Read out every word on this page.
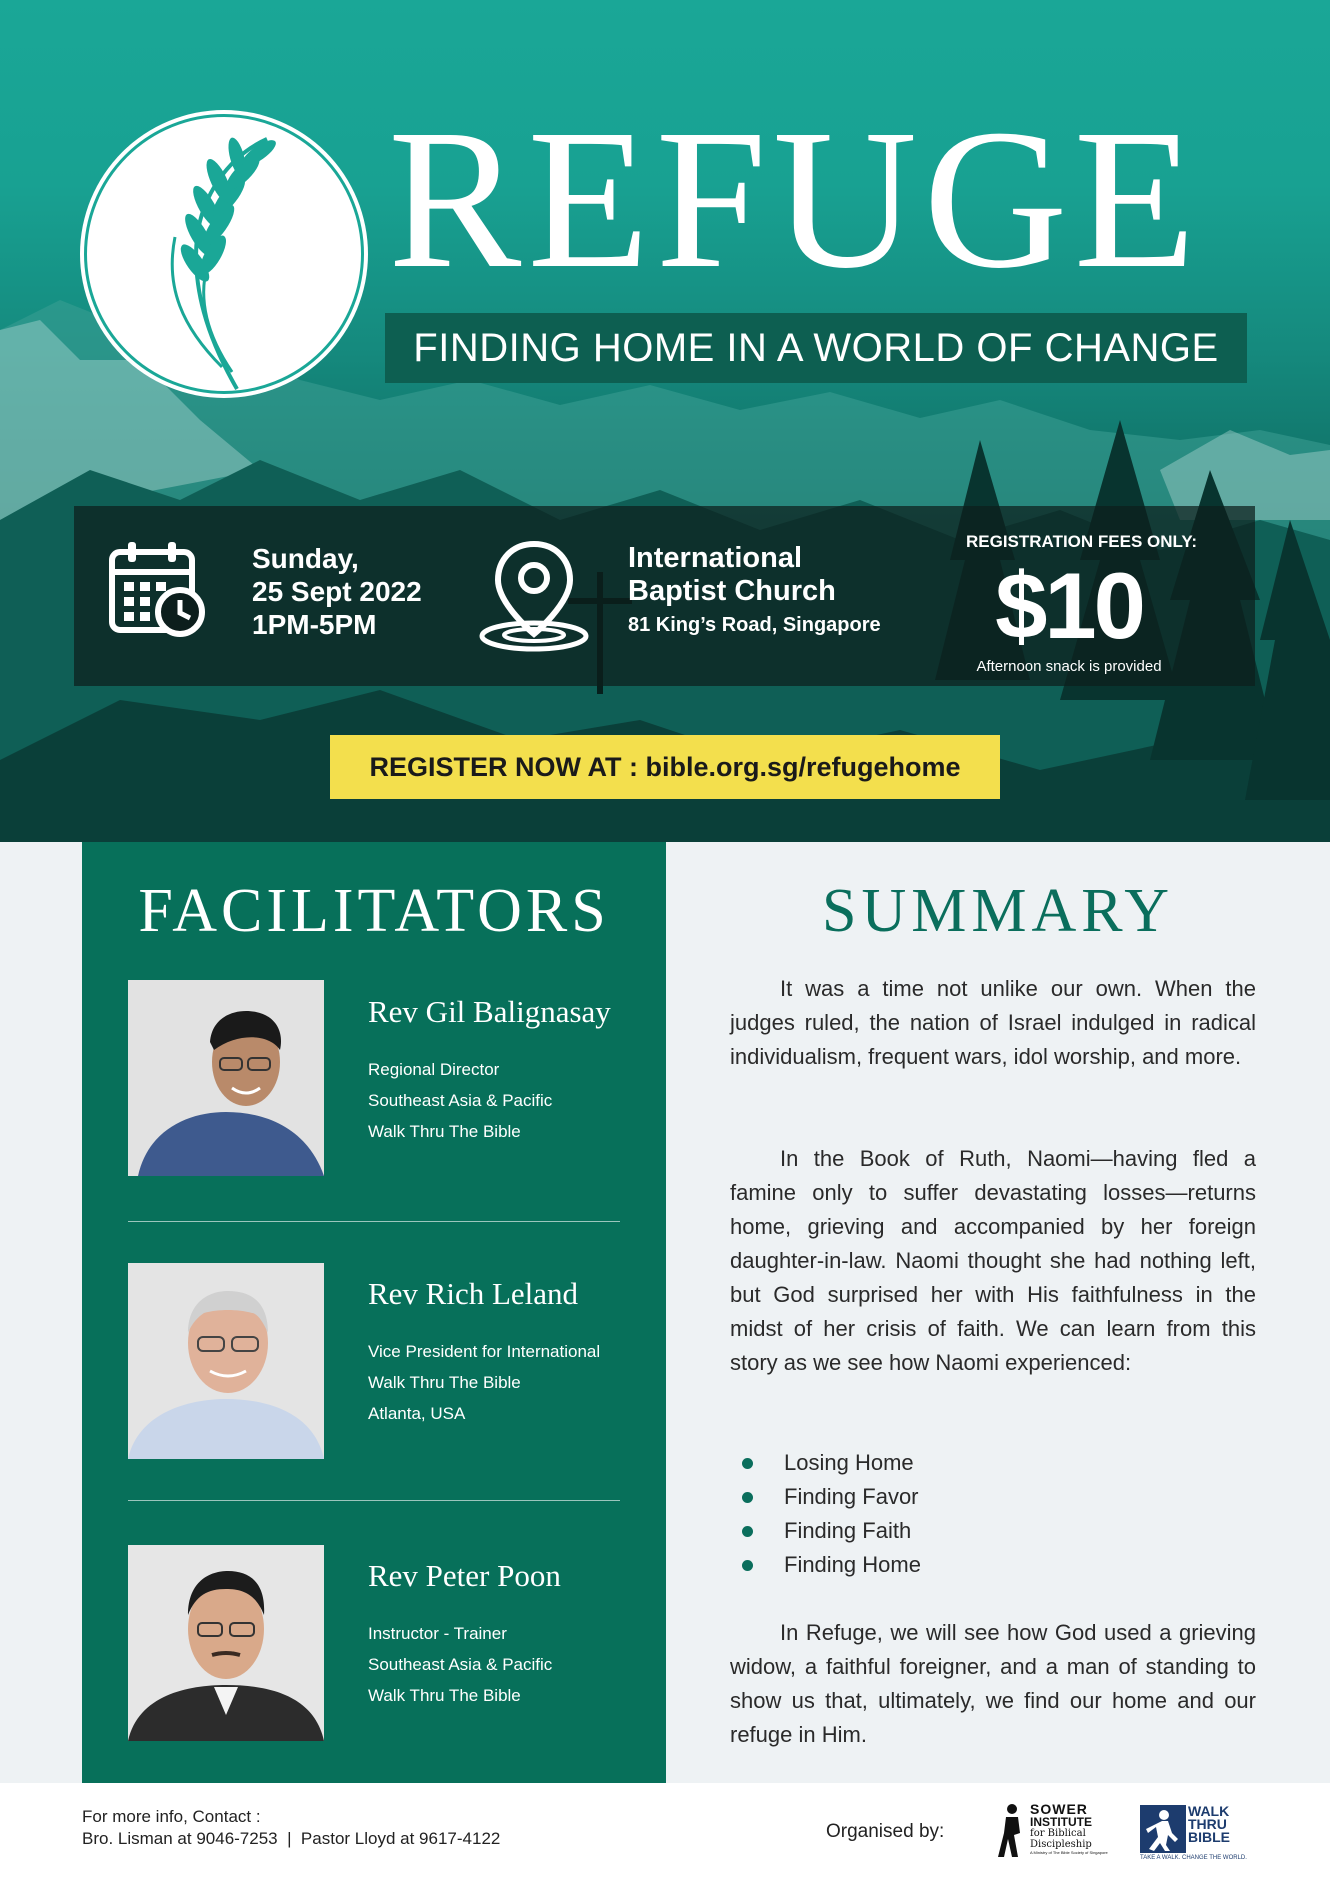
REFUGE
FINDING HOME IN A WORLD OF CHANGE
Sunday,
25 Sept 2022
1PM-5PM
International
Baptist Church
81 King’s Road, Singapore
REGISTRATION FEES ONLY:
$10
Afternoon snack is provided
REGISTER NOW AT : bible.org.sg/refugehome
FACILITATORS
Rev Gil Balignasay
Regional Director
Southeast Asia & Pacific
Walk Thru The Bible
Rev Rich Leland
Vice President for International
Walk Thru The Bible
Atlanta, USA
Rev Peter Poon
Instructor - Trainer
Southeast Asia & Pacific
Walk Thru The Bible
SUMMARY

It was a time not unlike our own. When the judges ruled, the nation of Israel indulged in radical individualism, frequent wars, idol worship, and more.

In the Book of Ruth, Naomi—having fled a famine only to suffer devastating losses—returns home, grieving and accompanied by her foreign daughter-in-law. Naomi thought she had nothing left, but God surprised her with His faithfulness in the midst of her crisis of faith. We can learn from this story as we see how Naomi experienced:

Losing Home
Finding Favor
Finding Faith
Finding Home

In Refuge, we will see how God used a grieving widow, a faithful foreigner, and a man of standing to show us that, ultimately, we find our home and our refuge in Him.

For more info, Contact :
Bro. Lisman at 9046-7253  |  Pastor Lloyd at 9617-4122	Organised by:
SOWER
INSTITUTE
for Biblical
Discipleship
A Ministry of The Bible Society of Singapore
WALK
THRU
BIBLE
TAKE A WALK. CHANGE THE WORLD.
